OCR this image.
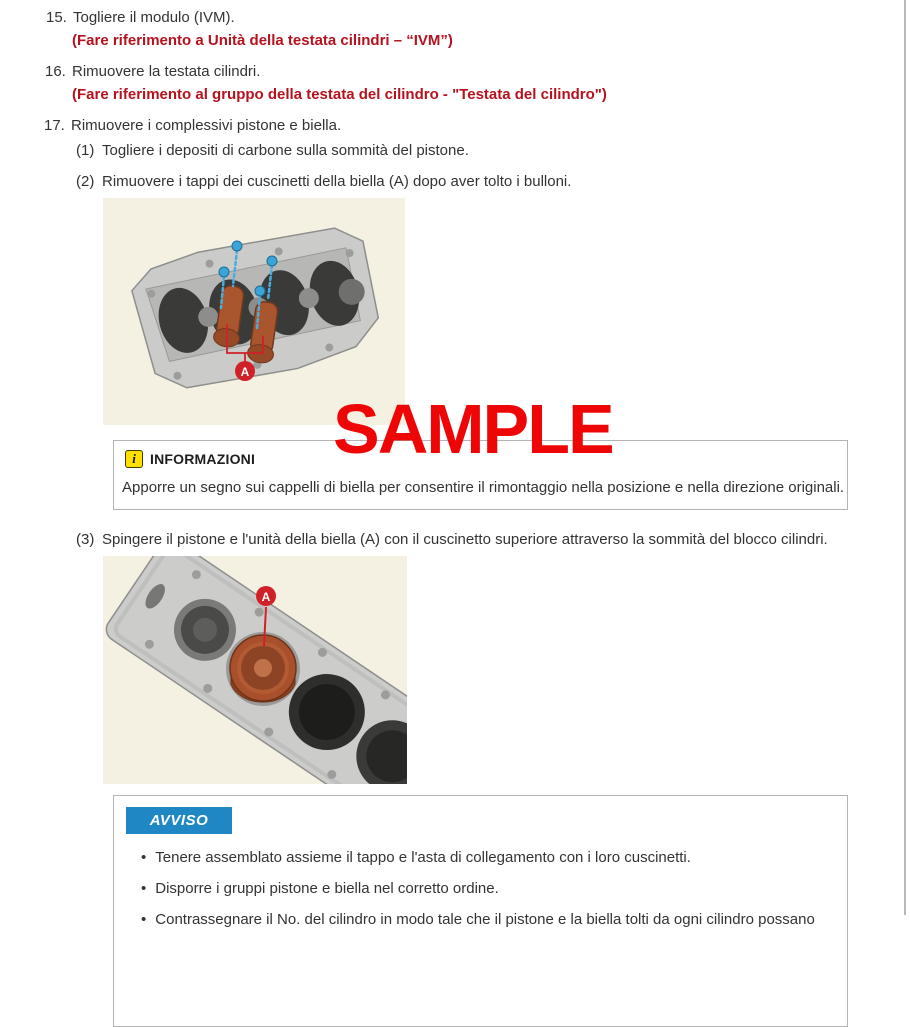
15. Togliere il modulo (IVM).
(Fare riferimento a Unità della testata cilindri – “IVM”)
16. Rimuovere la testata cilindri.
(Fare riferimento al gruppo della testata del cilindro - "Testata del cilindro")
17. Rimuovere i complessivi pistone e biella.
(1) Togliere i depositi di carbone sulla sommità del pistone.
(2) Rimuovere i tappi dei cuscinetti della biella (A) dopo aver tolto i bulloni.
A
SAMPLE
i	INFORMAZIONI
Apporre un segno sui cappelli di biella per consentire il rimontaggio nella posizione e nella direzione originali.
(3) Spingere il pistone e l'unità della biella (A) con il cuscinetto superiore attraverso la sommità del blocco cilindri.
A
AVVISO
• Tenere assemblato assieme il tappo e l'asta di collegamento con i loro cuscinetti.
• Disporre i gruppi pistone e biella nel corretto ordine.
• Contrassegnare il No. del cilindro in modo tale che il pistone e la biella tolti da ogni cilindro possano
